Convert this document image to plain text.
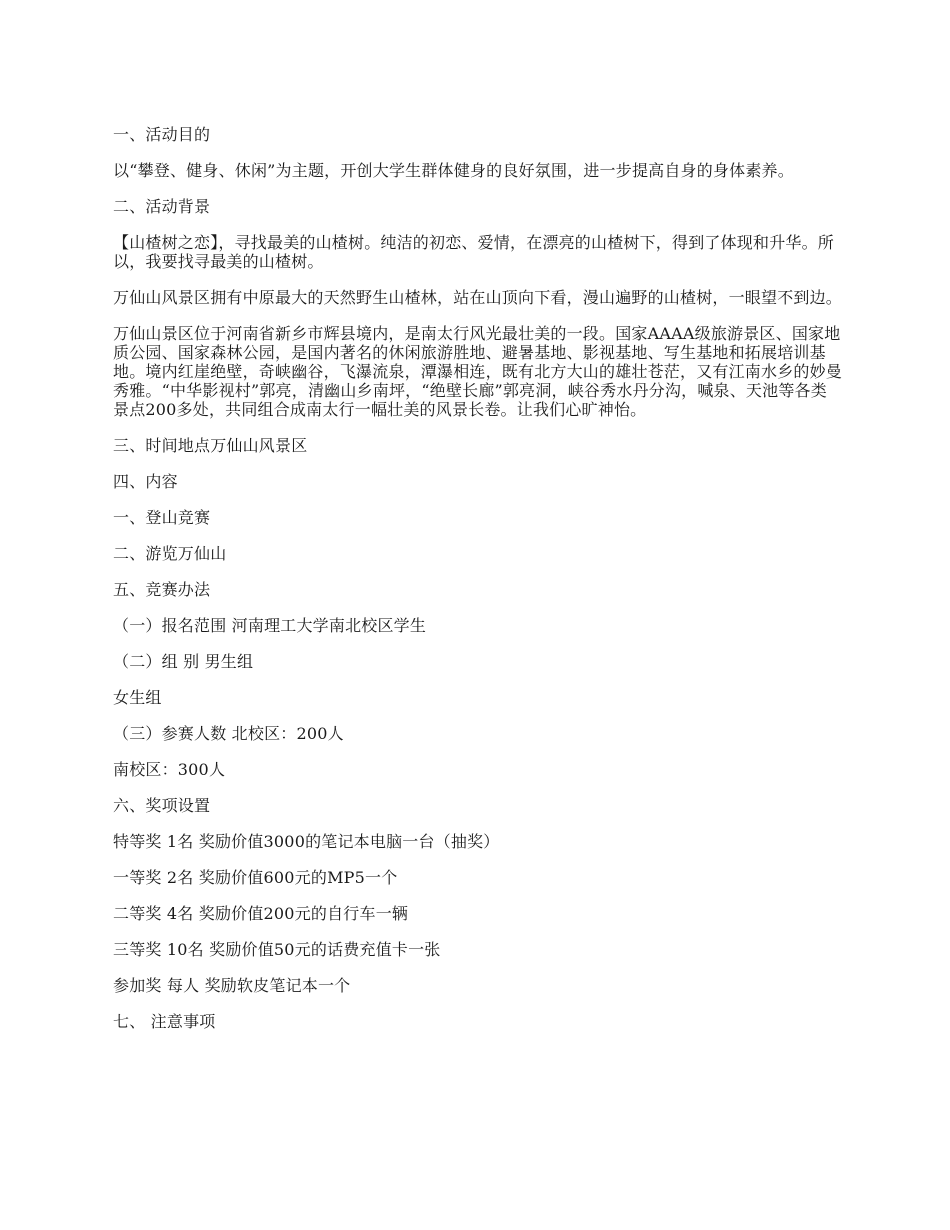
一、活动目的

以“攀登、健身、休闲”为主题，开创大学生群体健身的良好氛围，进一步提高自身的身体素养。

二、活动背景

【山楂树之恋】，寻找最美的山楂树。纯洁的初恋、爱情，在漂亮的山楂树下，得到了体现和升华。所以，我要找寻最美的山楂树。

万仙山风景区拥有中原最大的天然野生山楂林，站在山顶向下看，漫山遍野的山楂树，一眼望不到边。

万仙山景区位于河南省新乡市辉县境内，是南太行风光最壮美的一段。国家AAAA级旅游景区、国家地质公园、国家森林公园，是国内著名的休闲旅游胜地、避暑基地、影视基地、写生基地和拓展培训基地。境内红崖绝壁，奇峡幽谷，飞瀑流泉，潭瀑相连，既有北方大山的雄壮苍茫，又有江南水乡的妙曼秀雅。“中华影视村”郭亮，清幽山乡南坪，“绝壁长廊”郭亮洞，峡谷秀水丹分沟，喊泉、天池等各类景点200多处，共同组合成南太行一幅壮美的风景长卷。让我们心旷神怡。

三、时间地点万仙山风景区

四、内容

一、登山竞赛

二、游览万仙山

五、竞赛办法

（一）报名范围 河南理工大学南北校区学生

（二）组 别 男生组

女生组

（三）参赛人数 北校区：200人

南校区：300人

六、奖项设置

特等奖 1名 奖励价值3000的笔记本电脑一台（抽奖）

一等奖 2名 奖励价值600元的MP5一个

二等奖 4名 奖励价值200元的自行车一辆

三等奖 10名 奖励价值50元的话费充值卡一张

参加奖 每人 奖励软皮笔记本一个

七、 注意事项
